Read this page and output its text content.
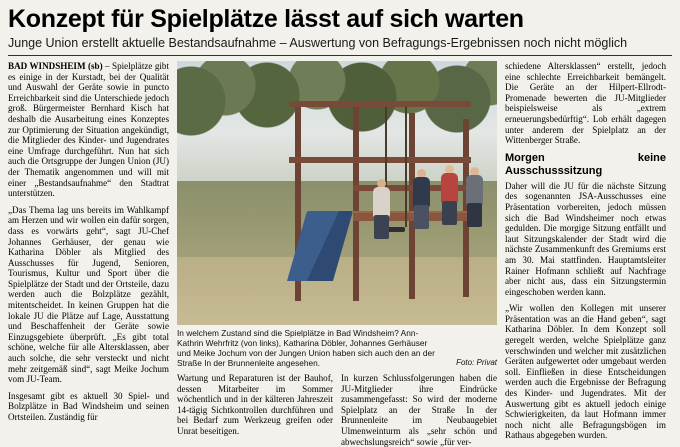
Konzept für Spielplätze lässt auf sich warten
Junge Union erstellt aktuelle Bestandsaufnahme – Auswertung von Befragungs-Ergebnissen noch nicht möglich

BAD WINDSHEIM (sb) – Spielplätze gibt es einige in der Kurstadt, bei der Qualität und Auswahl der Geräte sowie in puncto Erreichbarkeit sind die Unterschiede jedoch groß. Bürgermeister Bernhard Kisch hat deshalb die Ausarbeitung eines Konzeptes zur Optimierung der Situation angekündigt, die Mitglieder des Kinder- und Jugendrates eine Umfrage durchgeführt. Nun hat sich auch die Ortsgruppe der Jungen Union (JU) der Thematik angenommen und will mit einer „Bestandsaufnahme“ den Stadtrat unterstützen.

„Das Thema lag uns bereits im Wahlkampf am Herzen und wir wollen ein dafür sorgen, dass es vorwärts geht“, sagt JU-Chef Johannes Gerhäuser, der genau wie Katharina Döbler als Mitglied des Ausschusses für Jugend, Senioren, Tourismus, Kultur und Sport über die Spielplätze der Stadt und der Ortsteile, dazu werden auch die Bolzplätze gezählt, mitentscheidet. In keinen Gruppen hat die lokale JU die Plätze auf Lage, Ausstattung und Beschaffenheit der Geräte sowie Einzugsgebiete überprüft. „Es gibt total schöne, welche für alle Altersklassen, aber auch solche, die sehr versteckt und nicht mehr zeitgemäß sind“, sagt Meike Jochum vom JU-Team.

Insgesamt gibt es aktuell 30 Spiel- und Bolzplätze in Bad Windsheim und seinen Ortsteilen. Zuständig für

In welchem Zustand sind die Spielplätze in Bad Windsheim? Ann-Kathrin Wehrfritz (von links), Katharina Döbler, Johannes Gerhäuser und Meike Jochum von der Jungen Union haben sich auch den an der Straße In der Brunnenleite angesehen.	Foto: Privat

Wartung und Reparaturen ist der Bauhof, dessen Mitarbeiter im Sommer wöchentlich und in der kälteren Jahreszeit 14-tägig Sichtkontrollen durchführen und bei Bedarf zum Werkzeug greifen oder Unrat beseitigen.

In kurzen Schlussfolgerungen haben die JU-Mitglieder ihre Eindrücke zusammengefasst: So wird der moderne Spielplatz an der Straße In der Brunnenleite im Neubaugebiet Ulmenweinturm als „sehr schön und abwechslungsreich“ sowie „für ver-

schiedene Altersklassen“ erstellt, jedoch eine schlechte Erreichbarkeit bemängelt. Die Geräte an der Hilpert-Ellrodt-Promenade bewerten die JU-Mitglieder beispielsweise als „extrem erneuerungsbedürftig“. Lob erhält dagegen unter anderem der Spielplatz an der Wittenberger Straße.

Morgen keine Ausschusssitzung

Daher will die JU für die nächste Sitzung des sogenannten JSA-Ausschusses eine Präsentation vorbereiten, jedoch müssen sich die Bad Windsheimer noch etwas gedulden. Die morgige Sitzung entfällt und laut Sitzungskalender der Stadt wird die nächste Zusammenkunft des Gremiums erst am 30. Mai stattfinden. Hauptamtsleiter Rainer Hofmann schließt auf Nachfrage aber nicht aus, dass ein Sitzungstermin eingeschoben werden kann.

„Wir wollen den Kollegen mit unserer Präsentation was an die Hand geben“, sagt Katharina Döbler. In dem Konzept soll geregelt werden, welche Spielplätze ganz verschwinden und welcher mit zusätzlichen Geräten aufgewertet oder umgebaut werden soll. Einfließen in diese Entscheidungen werden auch die Ergebnisse der Befragung des Kinder- und Jugendrates. Mit der Auswertung gibt es aktuell jedoch einige Schwierigkeiten, da laut Hofmann immer noch nicht alle Befragungsbögen im Rathaus abgegeben wurden.
